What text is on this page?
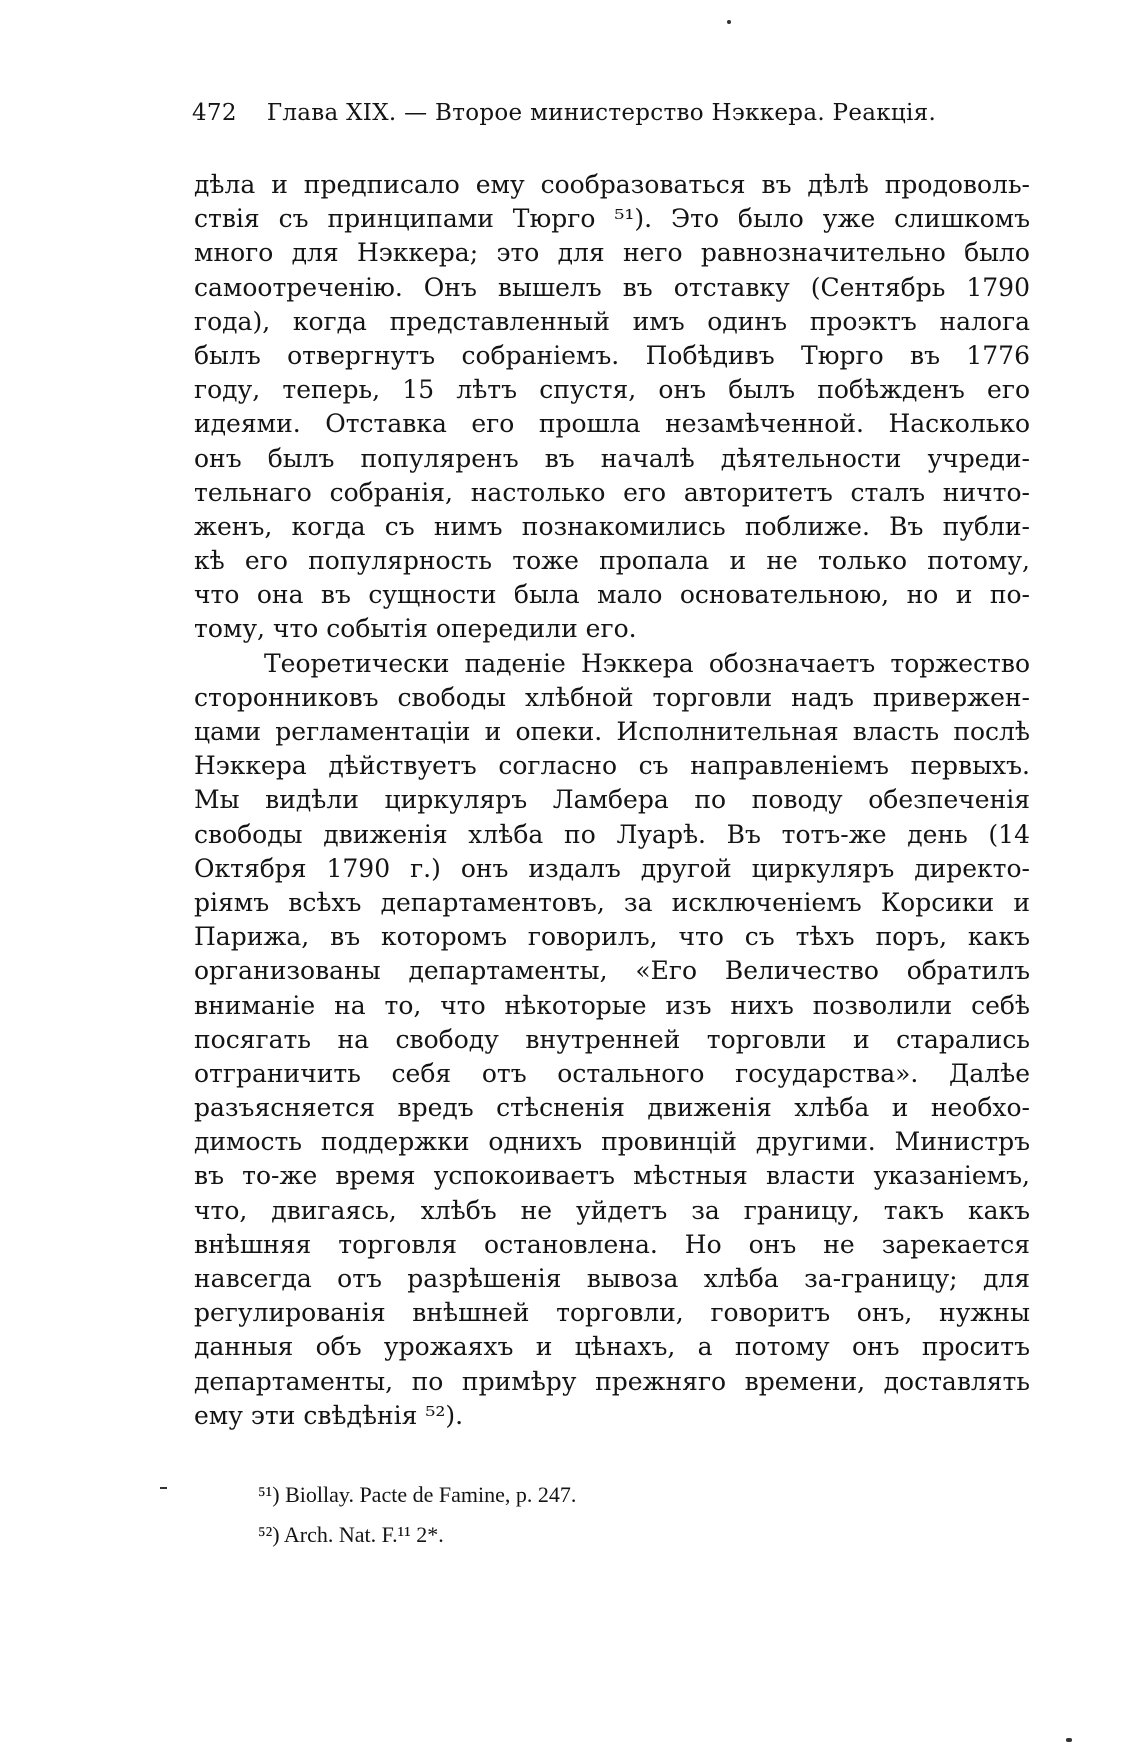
472 Глава XIX. — Второе министерство Нэккера. Реакція.
дѣла и предписало ему сообразоваться въ дѣлѣ продоволь-
ствія съ принципами Тюрго ⁵¹). Это было уже слишкомъ
много для Нэккера; это для него равнозначительно было
самоотреченію. Онъ вышелъ въ отставку (Сентябрь 1790
года), когда представленный имъ одинъ проэктъ налога
былъ отвергнутъ собраніемъ. Побѣдивъ Тюрго въ 1776
году, теперь, 15 лѣтъ спустя, онъ былъ побѣжденъ его
идеями. Отставка его прошла незамѣченной. Насколько
онъ былъ популяренъ въ началѣ дѣятельности учреди-
тельнаго собранія, настолько его авторитетъ сталъ ничто-
женъ, когда съ нимъ познакомились поближе. Въ публи-
кѣ его популярность тоже пропала и не только потому,
что она въ сущности была мало основательною, но и по-
тому, что событія опередили его.
Теоретически паденіе Нэккера обозначаетъ торжество
сторонниковъ свободы хлѣбной торговли надъ привержен-
цами регламентаціи и опеки. Исполнительная власть послѣ
Нэккера дѣйствуетъ согласно съ направленіемъ первыхъ.
Мы видѣли циркуляръ Ламбера по поводу обезпеченія
свободы движенія хлѣба по Луарѣ. Въ тотъ-же день (14
Октября 1790 г.) онъ издалъ другой циркуляръ директо-
ріямъ всѣхъ департаментовъ, за исключеніемъ Корсики и
Парижа, въ которомъ говорилъ, что съ тѣхъ поръ, какъ
организованы департаменты, «Его Величество обратилъ
вниманіе на то, что нѣкоторые изъ нихъ позволили себѣ
посягать на свободу внутренней торговли и старались
отграничить себя отъ остального государства». Далѣе
разъясняется вредъ стѣсненія движенія хлѣба и необхо-
димость поддержки однихъ провинцій другими. Министръ
въ то-же время успокоиваетъ мѣстныя власти указаніемъ,
что, двигаясь, хлѣбъ не уйдетъ за границу, такъ какъ
внѣшняя торговля остановлена. Но онъ не зарекается
навсегда отъ разрѣшенія вывоза хлѣба за-границу; для
регулированія внѣшней торговли, говоритъ онъ, нужны
данныя объ урожаяхъ и цѣнахъ, а потому онъ проситъ
департаменты, по примѣру прежняго времени, доставлять
ему эти свѣдѣнія ⁵²).
⁵¹) Biollay. Pacte de Famine, p. 247.
⁵²) Arch. Nat. F.¹¹ 2*.
